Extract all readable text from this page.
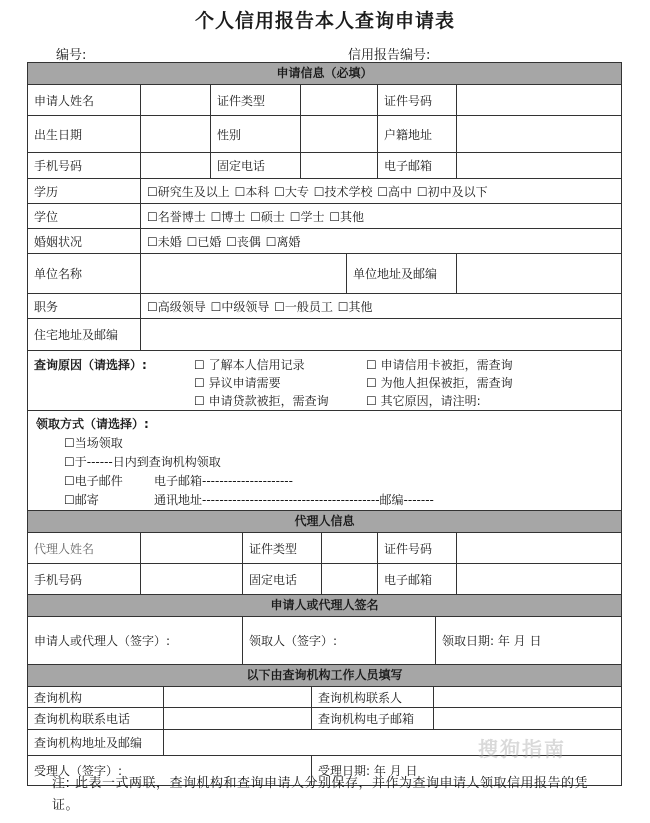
个人信用报告本人查询申请表
编号:	信用报告编号:
申请信息（必填）
申请人姓名	证件类型	证件号码
出生日期	性别	户籍地址
手机号码	固定电话	电子邮箱
学历	☐研究生及以上 ☐本科 ☐大专 ☐技术学校 ☐高中 ☐初中及以下
学位	☐名誉博士 ☐博士 ☐硕士 ☐学士 ☐其他
婚姻状况	☐未婚 ☐已婚 ☐丧偶 ☐离婚
单位名称	单位地址及邮编
职务	☐高级领导 ☐中级领导 ☐一般员工 ☐其他
住宅地址及邮编
查询原因（请选择）:	☐ 了解本人信用记录	☐ 申请信用卡被拒，需查询
☐ 异议申请需要	☐ 为他人担保被拒，需查询
☐ 申请贷款被拒，需查询	☐ 其它原因，请注明:
领取方式（请选择）:
☐当场领取
☐于------日内到查询机构领取
☐电子邮件	电子邮箱---------------------
☐邮寄	通讯地址-----------------------------------------邮编-------
代理人信息
代理人姓名	证件类型	证件号码
手机号码	固定电话	电子邮箱
申请人或代理人签名
申请人或代理人（签字）:	领取人（签字）:	领取日期: 年 月 日
以下由查询机构工作人员填写
查询机构	查询机构联系人
查询机构联系电话	查询机构电子邮箱
查询机构地址及邮编
受理人（签字）:	受理日期: 年 月 日
搜狗指南
注: 此表一式两联，查询机构和查询申请人分别保存，并作为查询申请人领取信用报告的凭证。
